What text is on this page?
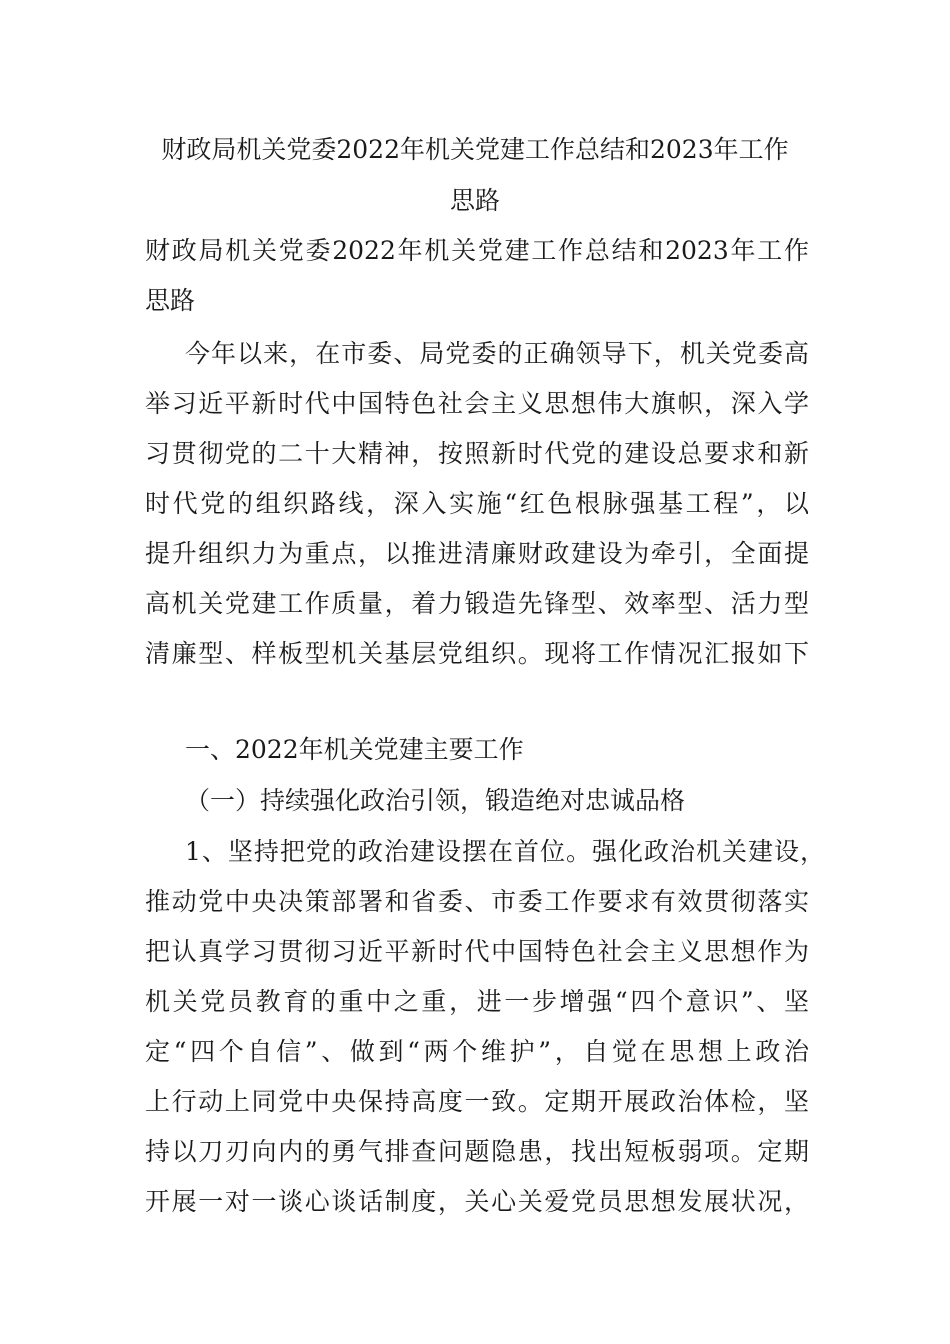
财政局机关党委2022年机关党建工作总结和2023年工作

思路

财政局机关党委2022年机关党建工作总结和2023年工作

思路

今年以来，在市委、局党委的正确领导下，机关党委高

举习近平新时代中国特色社会主义思想伟大旗帜，深入学

习贯彻党的二十大精神，按照新时代党的建设总要求和新

时代党的组织路线，深入实施“红色根脉强基工程”，以

提升组织力为重点，以推进清廉财政建设为牵引，全面提

高机关党建工作质量，着力锻造先锋型、效率型、活力型

清廉型、样板型机关基层党组织。现将工作情况汇报如下

一、2022年机关党建主要工作

（一）持续强化政治引领，锻造绝对忠诚品格

1、坚持把党的政治建设摆在首位。强化政治机关建设，

推动党中央决策部署和省委、市委工作要求有效贯彻落实

把认真学习贯彻习近平新时代中国特色社会主义思想作为

机关党员教育的重中之重，进一步增强“四个意识”、坚

定“四个自信”、做到“两个维护”，自觉在思想上政治

上行动上同党中央保持高度一致。定期开展政治体检，坚

持以刀刃向内的勇气排查问题隐患，找出短板弱项。定期

开展一对一谈心谈话制度，关心关爱党员思想发展状况，
